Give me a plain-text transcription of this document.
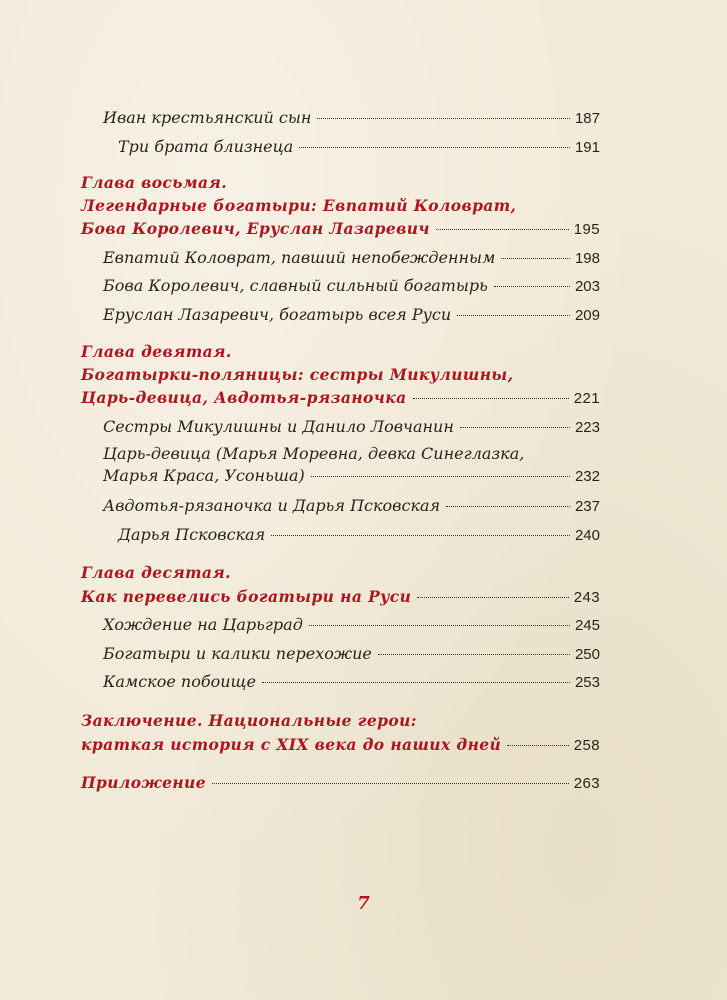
Иван крестьянский сын	187
Три брата близнеца	191
Глава восьмая.
Легендарные богатыри: Евпатий Коловрат,
Бова Королевич, Еруслан Лазаревич	195
Евпатий Коловрат, павший непобежденным	198
Бова Королевич, славный сильный богатырь	203
Еруслан Лазаревич, богатырь всея Руси	209
Глава девятая.
Богатырки-поляницы: сестры Микулишны,
Царь-девица, Авдотья-рязаночка	221
Сестры Микулишны и Данило Ловчанин	223
Царь-девица (Марья Моревна, девка Синеглазка,
Марья Краса, Усоньша)	232
Авдотья-рязаночка и Дарья Псковская	237
Дарья Псковская	240
Глава десятая.
Как перевелись богатыри на Руси	243
Хождение на Царьград	245
Богатыри и калики перехожие	250
Камское побоище	253
Заключение. Национальные герои:
краткая история с XIX века до наших дней	258
Приложение	263
7
